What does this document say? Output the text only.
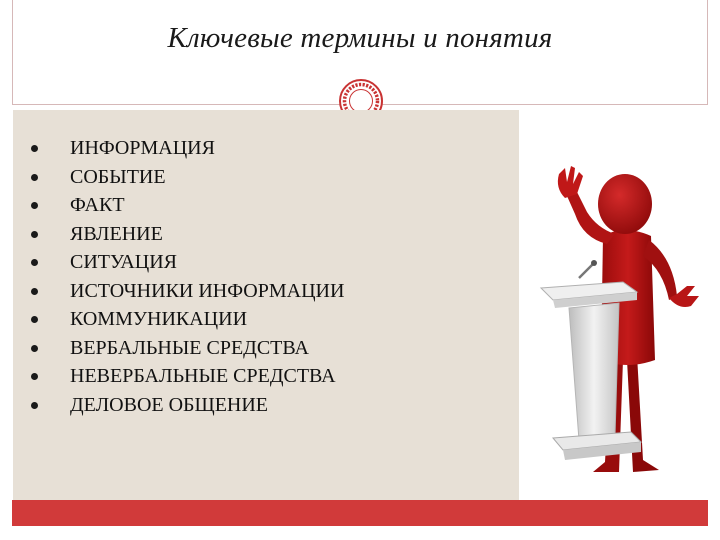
Ключевые термины и понятия
ИНФОРМАЦИЯ
СОБЫТИЕ
ФАКТ
ЯВЛЕНИЕ
СИТУАЦИЯ
ИСТОЧНИКИ ИНФОРМАЦИИ
КОММУНИКАЦИИ
ВЕРБАЛЬНЫЕ СРЕДСТВА
НЕВЕРБАЛЬНЫЕ СРЕДСТВА
ДЕЛОВОЕ ОБЩЕНИЕ
